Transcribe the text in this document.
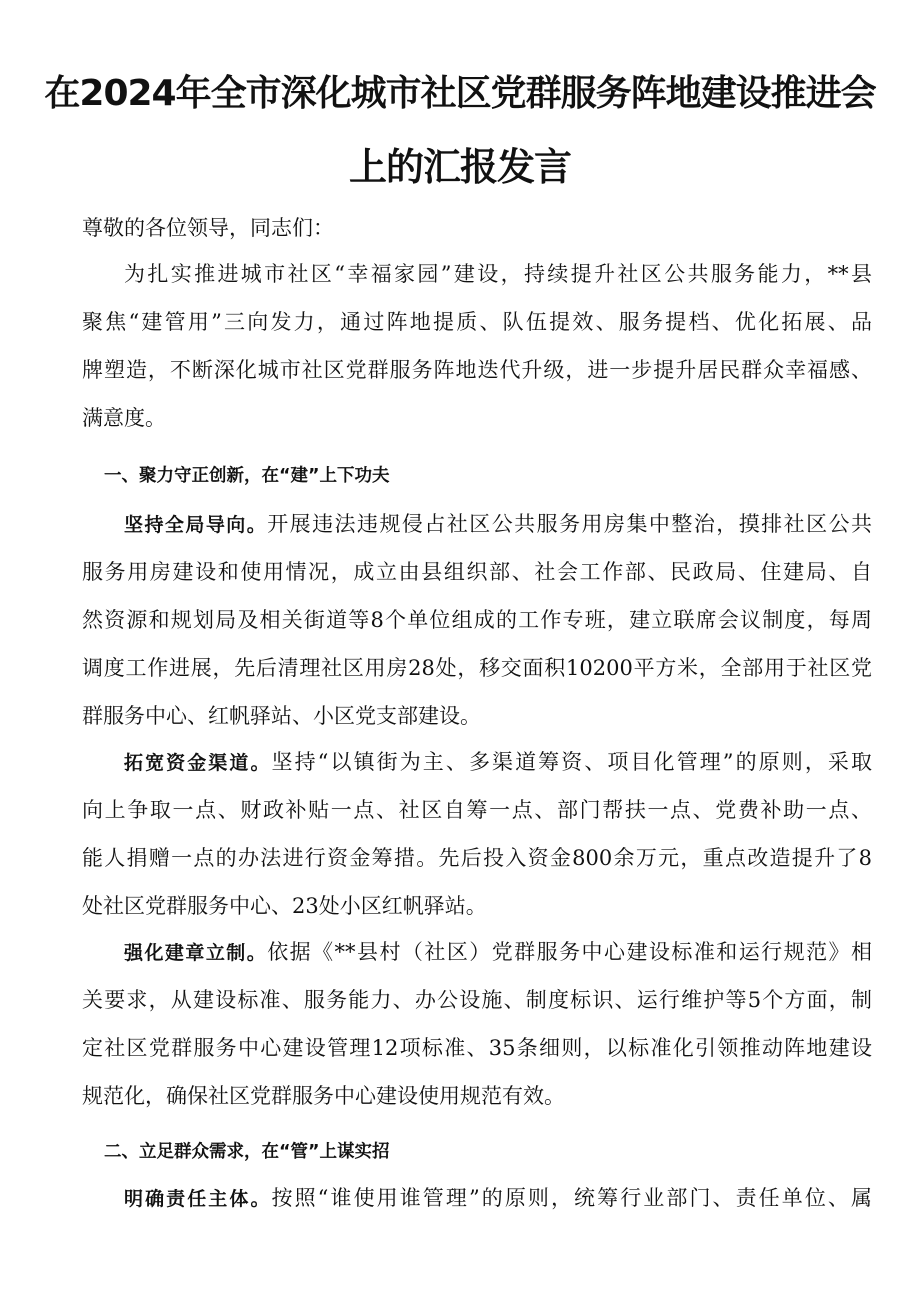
在2024年全市深化城市社区党群服务阵地建设推进会
上的汇报发言
尊敬的各位领导，同志们：
为扎实推进城市社区“幸福家园”建设，持续提升社区公共服务能力，**县
聚焦“建管用”三向发力，通过阵地提质、队伍提效、服务提档、优化拓展、品
牌塑造，不断深化城市社区党群服务阵地迭代升级，进一步提升居民群众幸福感、
满意度。
一、聚力守正创新，在“建”上下功夫
坚持全局导向。开展违法违规侵占社区公共服务用房集中整治，摸排社区公共
服务用房建设和使用情况，成立由县组织部、社会工作部、民政局、住建局、自
然资源和规划局及相关街道等8个单位组成的工作专班，建立联席会议制度，每周
调度工作进展，先后清理社区用房28处，移交面积10200平方米，全部用于社区党
群服务中心、红帆驿站、小区党支部建设。
拓宽资金渠道。坚持“以镇街为主、多渠道筹资、项目化管理”的原则，采取
向上争取一点、财政补贴一点、社区自筹一点、部门帮扶一点、党费补助一点、
能人捐赠一点的办法进行资金筹措。先后投入资金800余万元，重点改造提升了8
处社区党群服务中心、23处小区红帆驿站。
强化建章立制。依据《**县村（社区）党群服务中心建设标准和运行规范》相
关要求，从建设标准、服务能力、办公设施、制度标识、运行维护等5个方面，制
定社区党群服务中心建设管理12项标准、35条细则，以标准化引领推动阵地建设
规范化，确保社区党群服务中心建设使用规范有效。
二、立足群众需求，在“管”上谋实招
明确责任主体。按照“谁使用谁管理”的原则，统筹行业部门、责任单位、属
